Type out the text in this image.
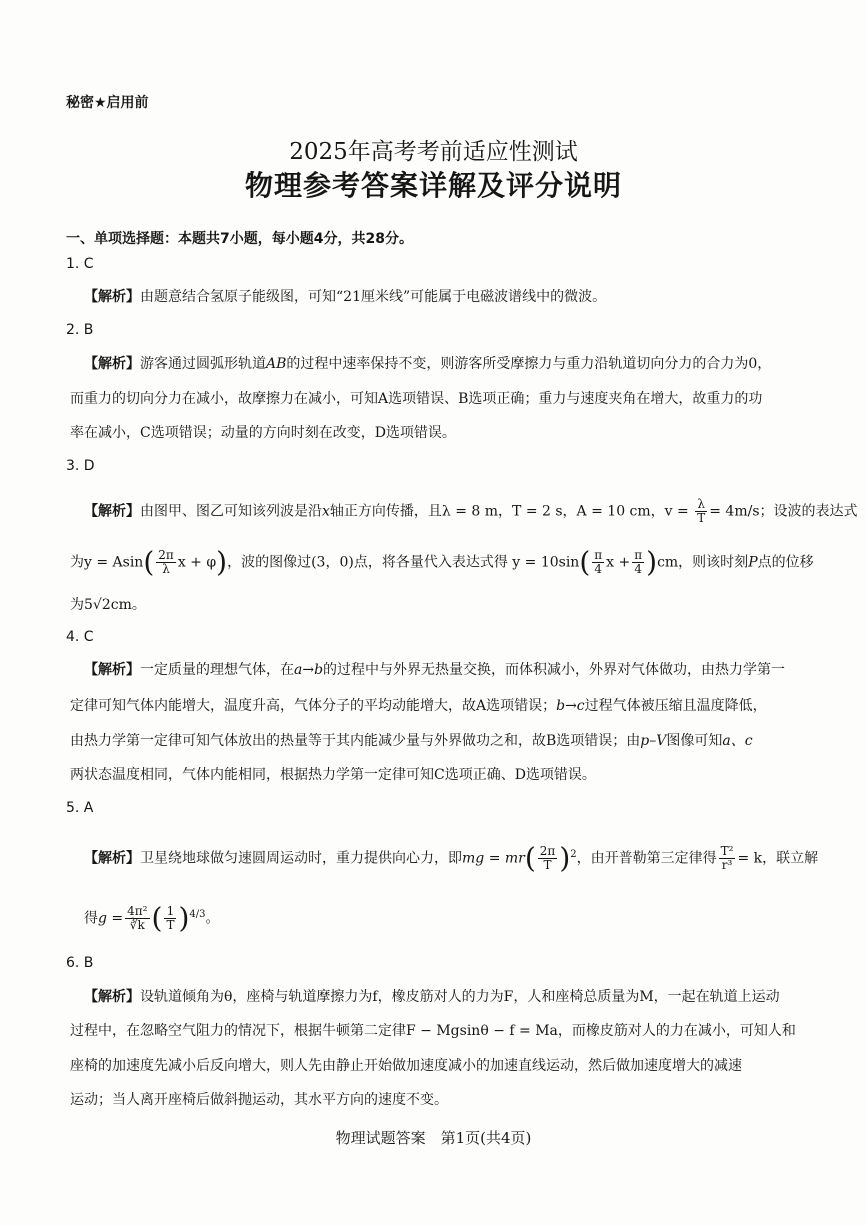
秘密★启用前
2025年高考考前适应性测试
物理参考答案详解及评分说明
一、单项选择题：本题共7小题，每小题4分，共28分。
1. C
【解析】由题意结合氢原子能级图，可知“21厘米线”可能属于电磁波谱线中的微波。
2. B
【解析】游客通过圆弧形轨道AB的过程中速率保持不变，则游客所受摩擦力与重力沿轨道切向分力的合力为0，
而重力的切向分力在减小，故摩擦力在减小，可知A选项错误、B选项正确；重力与速度夹角在增大，故重力的功
率在减小，C选项错误；动量的方向时刻在改变，D选项错误。
3. D
【解析】由图甲、图乙可知该列波是沿x轴正方向传播，且λ = 8 m，T = 2 s，A = 10 cm，$v = \frac{\lambda}{T} = 4m/s$；设波的表达式
为$y = Asin( \frac{2\pi}{\lambda}$ x + φ)，波的图像过(3，0)点，将各量代入表达式得 $y = 10\sin( \frac{\pi}{4}$ $x + \frac{\pi}{4} )cm$，则该时刻P点的位移
为5√2cm。
4. C
【解析】一定质量的理想气体，在a→b的过程中与外界无热量交换，而体积减小，外界对气体做功，由热力学第一
定律可知气体内能增大，温度升高，气体分子的平均动能增大，故A选项错误；b→c过程气体被压缩且温度降低，
由热力学第一定律可知气体放出的热量等于其内能减少量与外界做功之和，故B选项错误；由p–V图像可知a、c
两状态温度相同，气体内能相同，根据热力学第一定律可知C选项正确、D选项错误。
5. A
【解析】卫星绕地球做匀速圆周运动时，重力提供向心力，即mg = $mr( \frac{2\pi}{T} )^2$，由开普勒第三定律得 $\frac{\text{T²}}{\text{r³}} = k$，联立解
得$g = \frac{\text{4π²}}{∛k}$ ( $\frac{1}{T} )^{4/3}$。
6. B
【解析】设轨道倾角为θ，座椅与轨道摩擦力为f，橡皮筋对人的力为F，人和座椅总质量为M，一起在轨道上运动
过程中，在忽略空气阻力的情况下，根据牛顿第二定律F − Mgsinθ − f = Ma，而橡皮筋对人的力在减小，可知人和
座椅的加速度先减小后反向增大，则人先由静止开始做加速度减小的加速直线运动，然后做加速度增大的减速
运动；当人离开座椅后做斜抛运动，其水平方向的速度不变。
物理试题答案　第1页(共4页)
